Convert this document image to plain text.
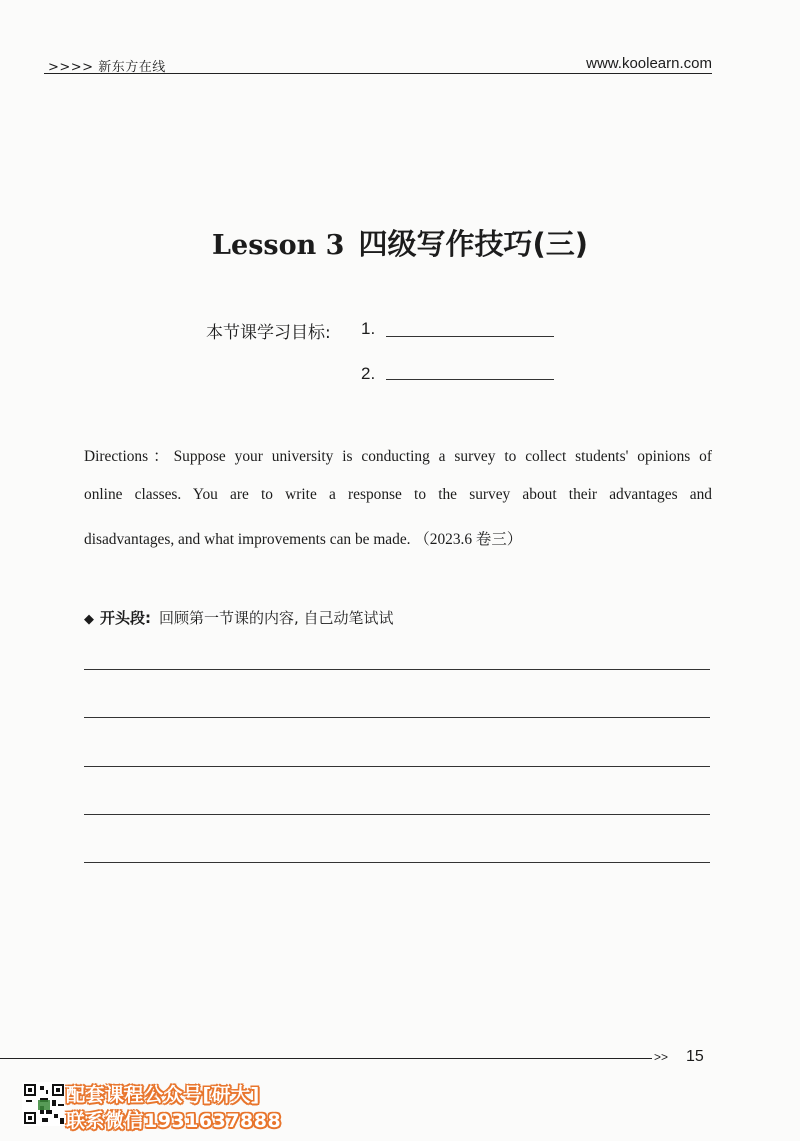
>>>> 新东方在线	www.koolearn.com
Lesson 3 四级写作技巧(三)
本节课学习目标: 1.
2.
Directions：Suppose your university is conducting a survey to collect students' opinions of
online classes. You are to write a response to the survey about their advantages and
disadvantages, and what improvements can be made. （2023.6 卷三）
◆ 开头段: 回顾第一节课的内容, 自己动笔试试
>> 15
配套课程公众号[研大]
联系微信1931637888
